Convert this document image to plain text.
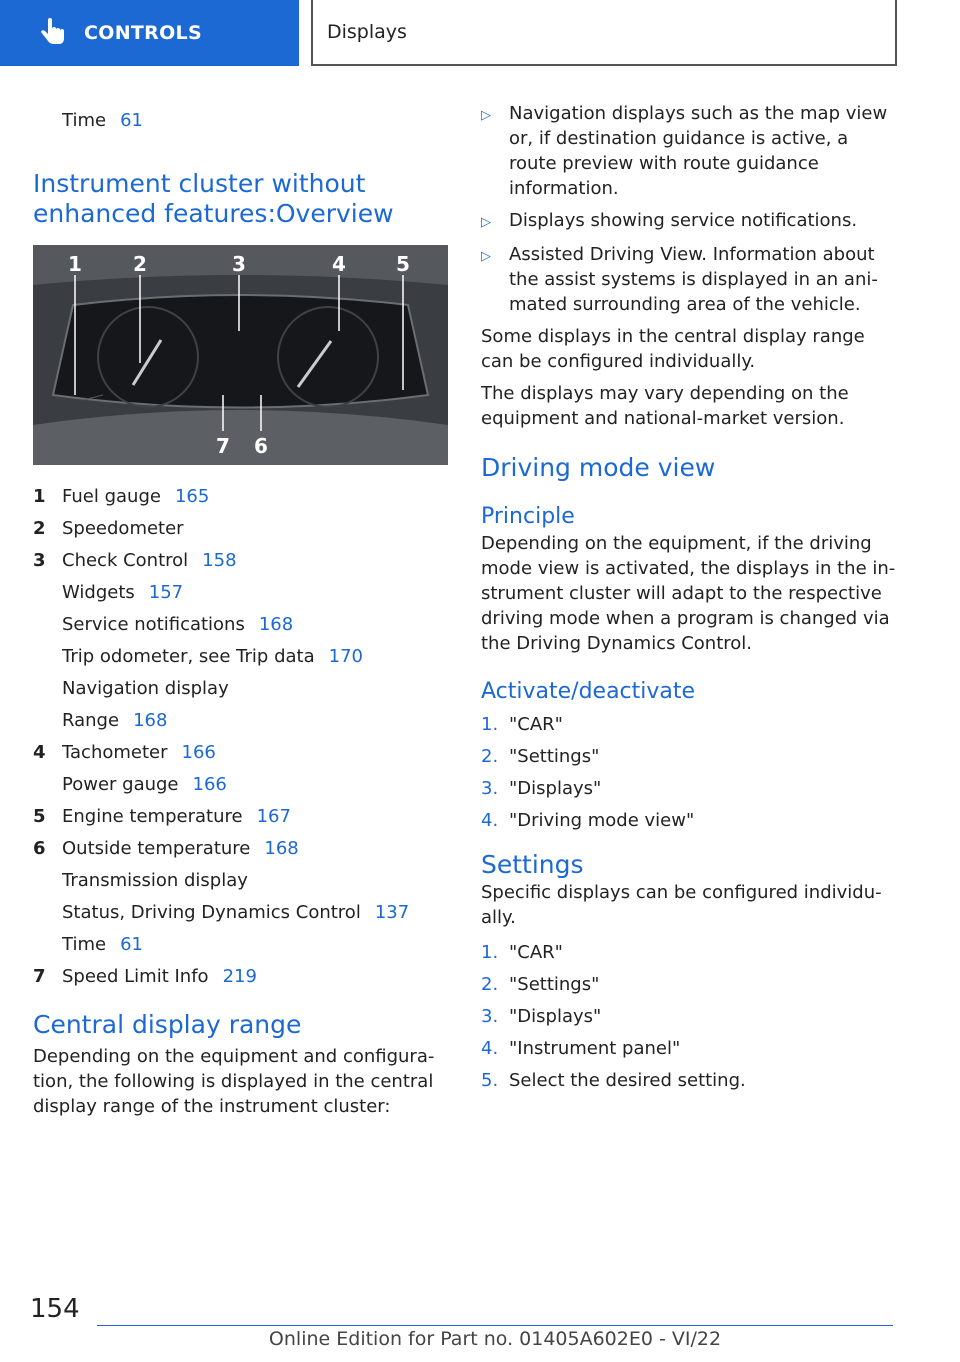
CONTROLS	Displays
Time 61
Instrument cluster without enhanced features:Overview
1	2	3	4	5
7 6
1 Fuel gauge 165
2 Speedometer
3 Check Control 158
Widgets 157
Service notifications 168
Trip odometer, see Trip data 170
Navigation display
Range 168
4 Tachometer 166
Power gauge 166
5 Engine temperature 167
6 Outside temperature 168
Transmission display
Status, Driving Dynamics Control 137
Time 61
7 Speed Limit Info 219
Central display range
Depending on the equipment and configura‐tion, the following is displayed in the central display range of the instrument cluster:
▷	Navigation displays such as the map view or, if destination guidance is active, a route preview with route guidance information.
▷	Displays showing service notifications.
▷	Assisted Driving View. Information about the assist systems is displayed in an ani‐mated surrounding area of the vehicle.
Some displays in the central display range can be configured individually.
The displays may vary depending on the equipment and national-market version.
Driving mode view
Principle
Depending on the equipment, if the driving mode view is activated, the displays in the in‐strument cluster will adapt to the respective driving mode when a program is changed via the Driving Dynamics Control.
Activate/deactivate
1. "CAR"
2. "Settings"
3. "Displays"
4. "Driving mode view"
Settings
Specific displays can be configured individu‐ally.
1. "CAR"
2. "Settings"
3. "Displays"
4. "Instrument panel"
5. Select the desired setting.
154
Online Edition for Part no. 01405A602E0 - VI/22
